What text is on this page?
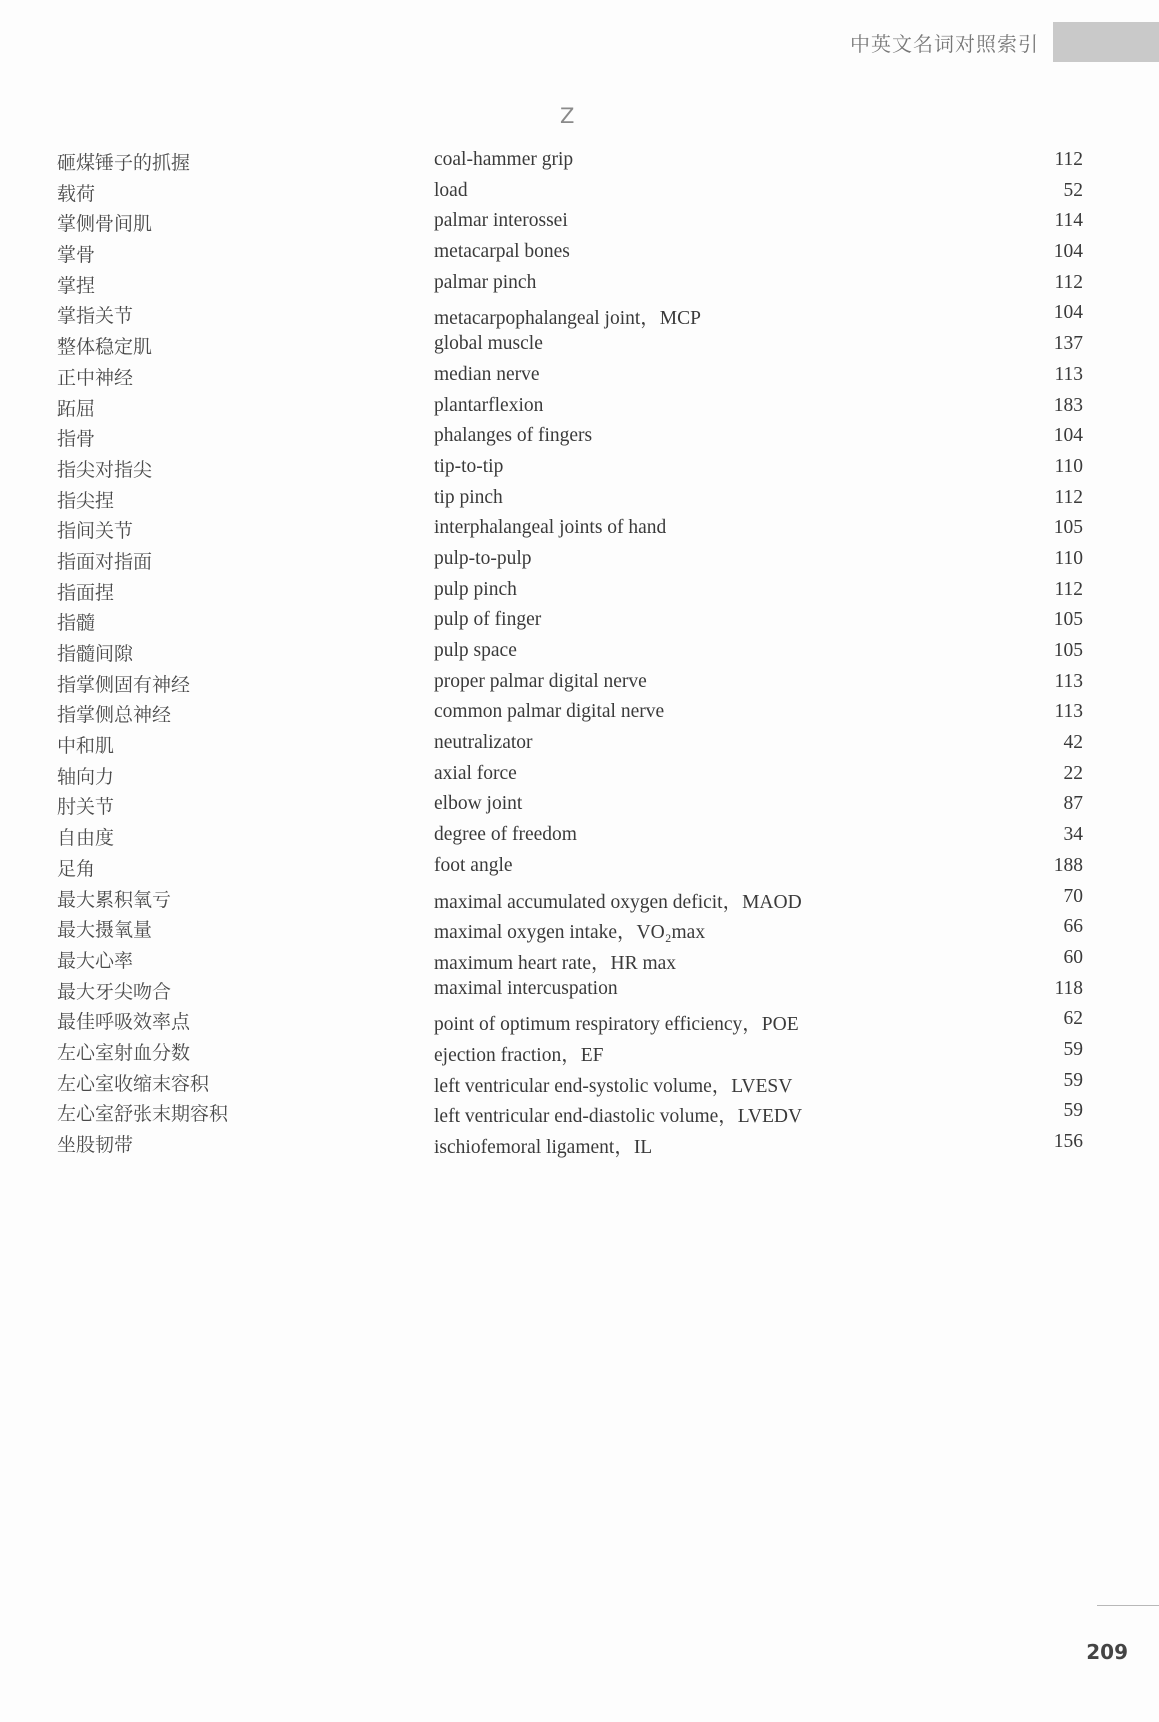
中英文名词对照索引
Z
砸煤锤子的抓握	coal-hammer grip	112
载荷	load	52
掌侧骨间肌	palmar interossei	114
掌骨	metacarpal bones	104
掌捏	palmar pinch	112
掌指关节	metacarpophalangeal joint，MCP	104
整体稳定肌	global muscle	137
正中神经	median nerve	113
跖屈	plantarflexion	183
指骨	phalanges of fingers	104
指尖对指尖	tip-to-tip	110
指尖捏	tip pinch	112
指间关节	interphalangeal joints of hand	105
指面对指面	pulp-to-pulp	110
指面捏	pulp pinch	112
指髓	pulp of finger	105
指髓间隙	pulp space	105
指掌侧固有神经	proper palmar digital nerve	113
指掌侧总神经	common palmar digital nerve	113
中和肌	neutralizator	42
轴向力	axial force	22
肘关节	elbow joint	87
自由度	degree of freedom	34
足角	foot angle	188
最大累积氧亏	maximal accumulated oxygen deficit，MAOD	70
最大摄氧量	maximal oxygen intake，VO₂max	66
最大心率	maximum heart rate，HR max	60
最大牙尖吻合	maximal intercuspation	118
最佳呼吸效率点	point of optimum respiratory efficiency，POE	62
左心室射血分数	ejection fraction，EF	59
左心室收缩末容积	left ventricular end-systolic volume，LVESV	59
左心室舒张末期容积	left ventricular end-diastolic volume，LVEDV	59
坐股韧带	ischiofemoral ligament，IL	156
209
